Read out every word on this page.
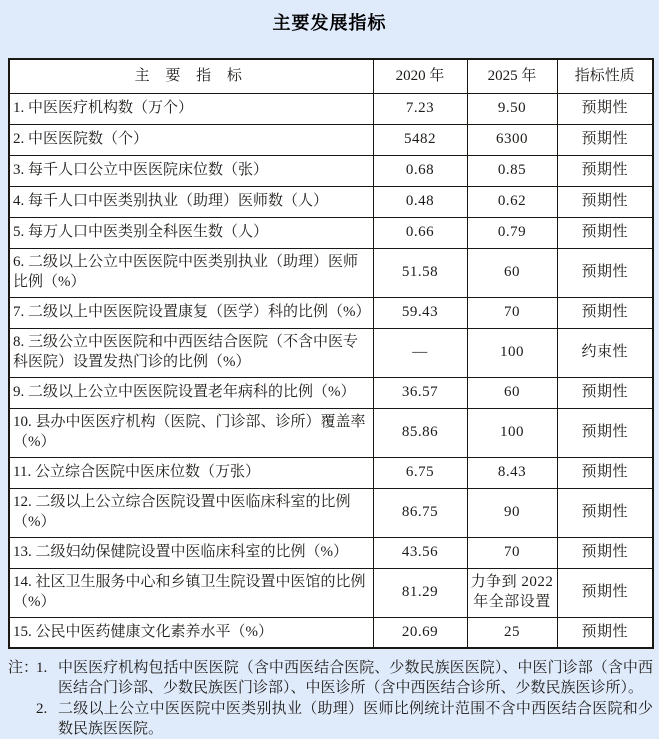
主要发展指标
主 要 指 标	2020 年	2025 年	指标性质
1. 中医医疗机构数（万个）	7.23	9.50	预期性
2. 中医医院数（个）	5482	6300	预期性
3. 每千人口公立中医医院床位数（张）	0.68	0.85	预期性
4. 每千人口中医类别执业（助理）医师数（人）	0.48	0.62	预期性
5. 每万人口中医类别全科医生数（人）	0.66	0.79	预期性
6. 二级以上公立中医医院中医类别执业（助理）医师比例（%）	51.58	60	预期性
7. 二级以上中医医院设置康复（医学）科的比例（%）	59.43	70	预期性
8. 三级公立中医医院和中西医结合医院（不含中医专科医院）设置发热门诊的比例（%）	—	100	约束性
9. 二级以上公立中医医院设置老年病科的比例（%）	36.57	60	预期性
10. 县办中医医疗机构（医院、门诊部、诊所）覆盖率（%）	85.86	100	预期性
11. 公立综合医院中医床位数（万张）	6.75	8.43	预期性
12. 二级以上公立综合医院设置中医临床科室的比例（%）	86.75	90	预期性
13. 二级妇幼保健院设置中医临床科室的比例（%）	43.56	70	预期性
14. 社区卫生服务中心和乡镇卫生院设置中医馆的比例（%）	81.29	力争到 2022 年全部设置	预期性
15. 公民中医药健康文化素养水平（%）	20.69	25	预期性
注：
1. 中医医疗机构包括中医医院（含中西医结合医院、少数民族医医院）、中医门诊部（含中西医结合门诊部、少数民族医门诊部）、中医诊所（含中西医结合诊所、少数民族医诊所）。
2. 二级以上公立中医医院中医类别执业（助理）医师比例统计范围不含中西医结合医院和少数民族医医院。
